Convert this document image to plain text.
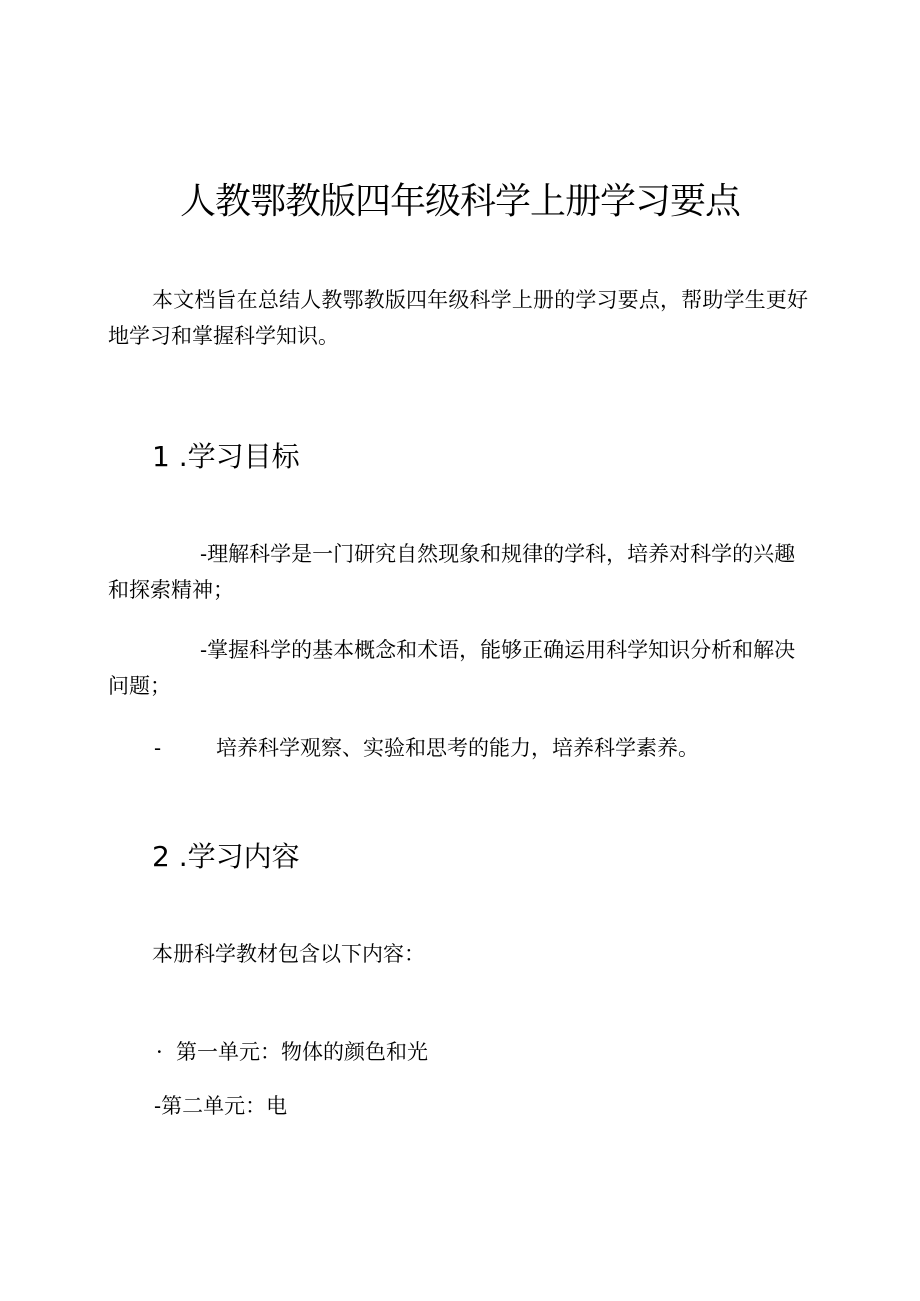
人教鄂教版四年级科学上册学习要点

本文档旨在总结人教鄂教版四年级科学上册的学习要点，帮助学生更好地学习和掌握科学知识。

1 .学习目标

-理解科学是一门研究自然现象和规律的学科，培养对科学的兴趣和探索精神；

-掌握科学的基本概念和术语，能够正确运用科学知识分析和解决问题；

-	培养科学观察、实验和思考的能力，培养科学素养。

2 .学习内容

本册科学教材包含以下内容：

· 第一单元：物体的颜色和光

-第二单元：电
